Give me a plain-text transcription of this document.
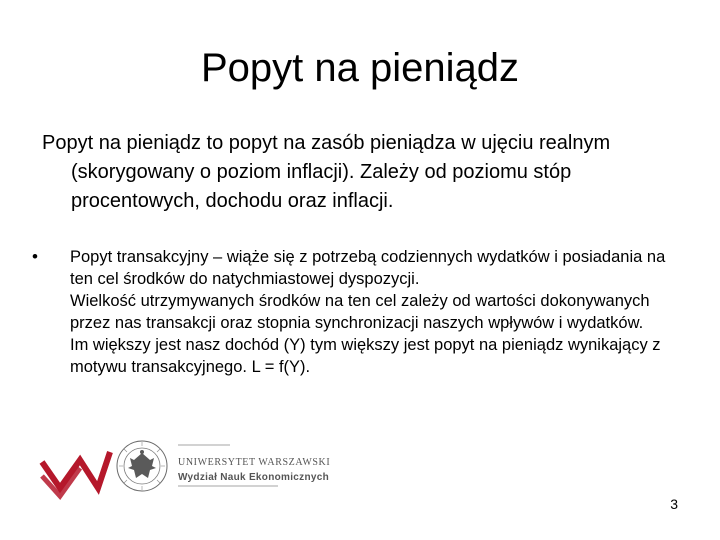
Popyt na pieniądz
Popyt na pieniądz to popyt na zasób pieniądza w ujęciu realnym (skorygowany o poziom inflacji). Zależy od poziomu stóp procentowych, dochodu oraz inflacji.
•	Popyt transakcyjny – wiąże się z potrzebą codziennych wydatków i posiadania na ten cel środków do natychmiastowej dyspozycji.

Wielkość utrzymywanych środków na ten cel zależy od wartości dokonywanych przez nas transakcji oraz stopnia synchronizacji naszych wpływów i wydatków.

Im większy jest nasz dochód (Y) tym większy jest popyt na pieniądz wynikający z motywu transakcyjnego. L = f(Y).

UNIWERSYTET WARSZAWSKI
Wydział Nauk Ekonomicznych
3
